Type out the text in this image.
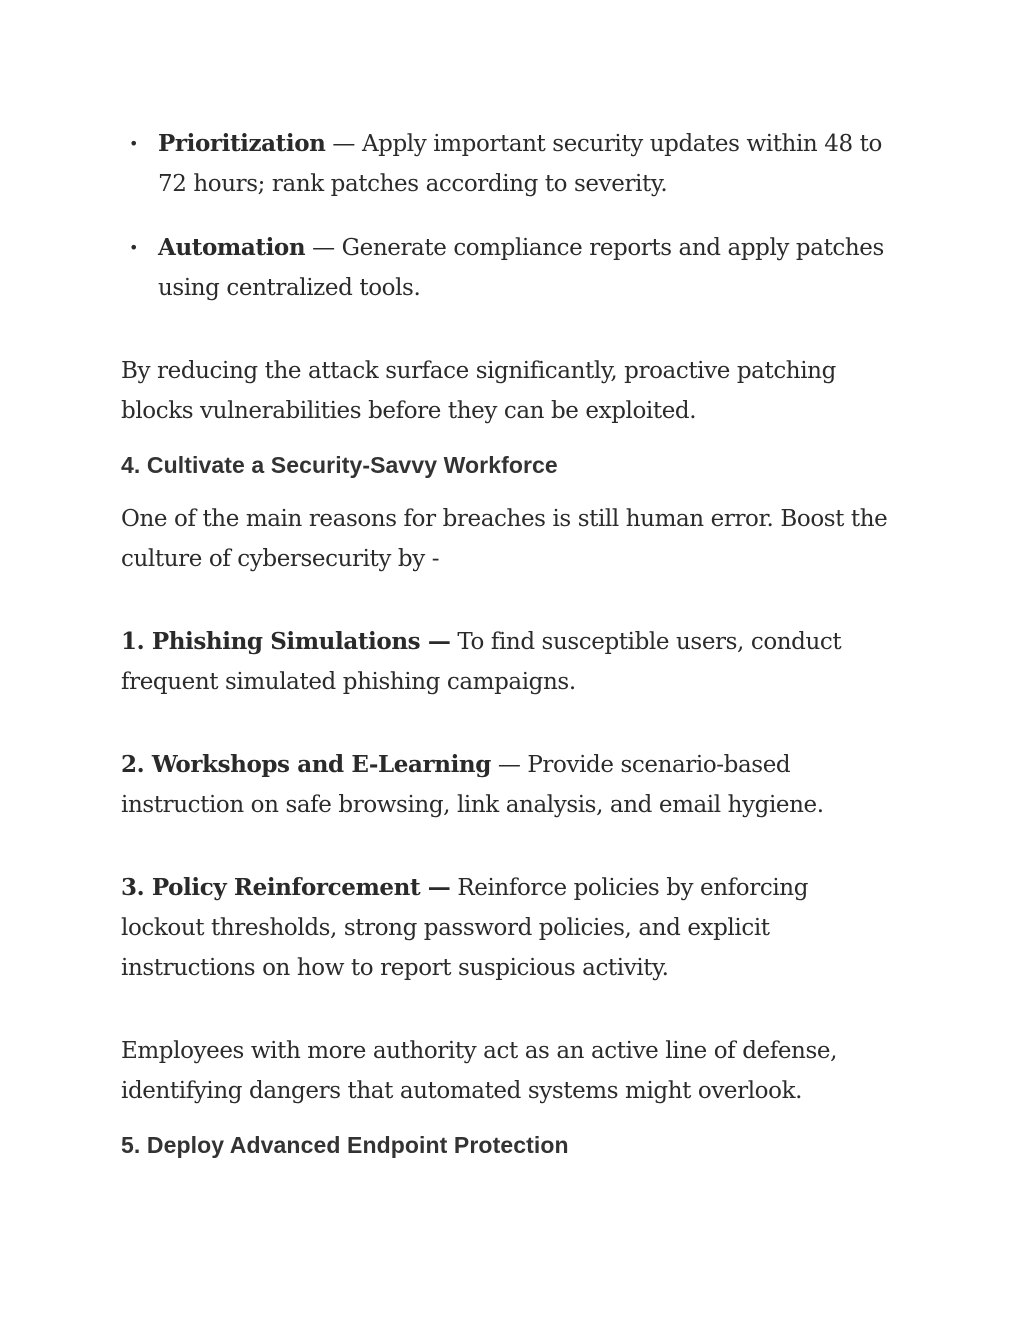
• Prioritization — Apply important security updates within 48 to 72 hours; rank patches according to severity.
• Automation — Generate compliance reports and apply patches using centralized tools.

By reducing the attack surface significantly, proactive patching blocks vulnerabilities before they can be exploited.

4. Cultivate a Security-Savvy Workforce

One of the main reasons for breaches is still human error. Boost the culture of cybersecurity by -

1. Phishing Simulations — To find susceptible users, conduct frequent simulated phishing campaigns.

2. Workshops and E-Learning — Provide scenario-based instruction on safe browsing, link analysis, and email hygiene.

3. Policy Reinforcement — Reinforce policies by enforcing lockout thresholds, strong password policies, and explicit instructions on how to report suspicious activity.

Employees with more authority act as an active line of defense, identifying dangers that automated systems might overlook.

5. Deploy Advanced Endpoint Protection
